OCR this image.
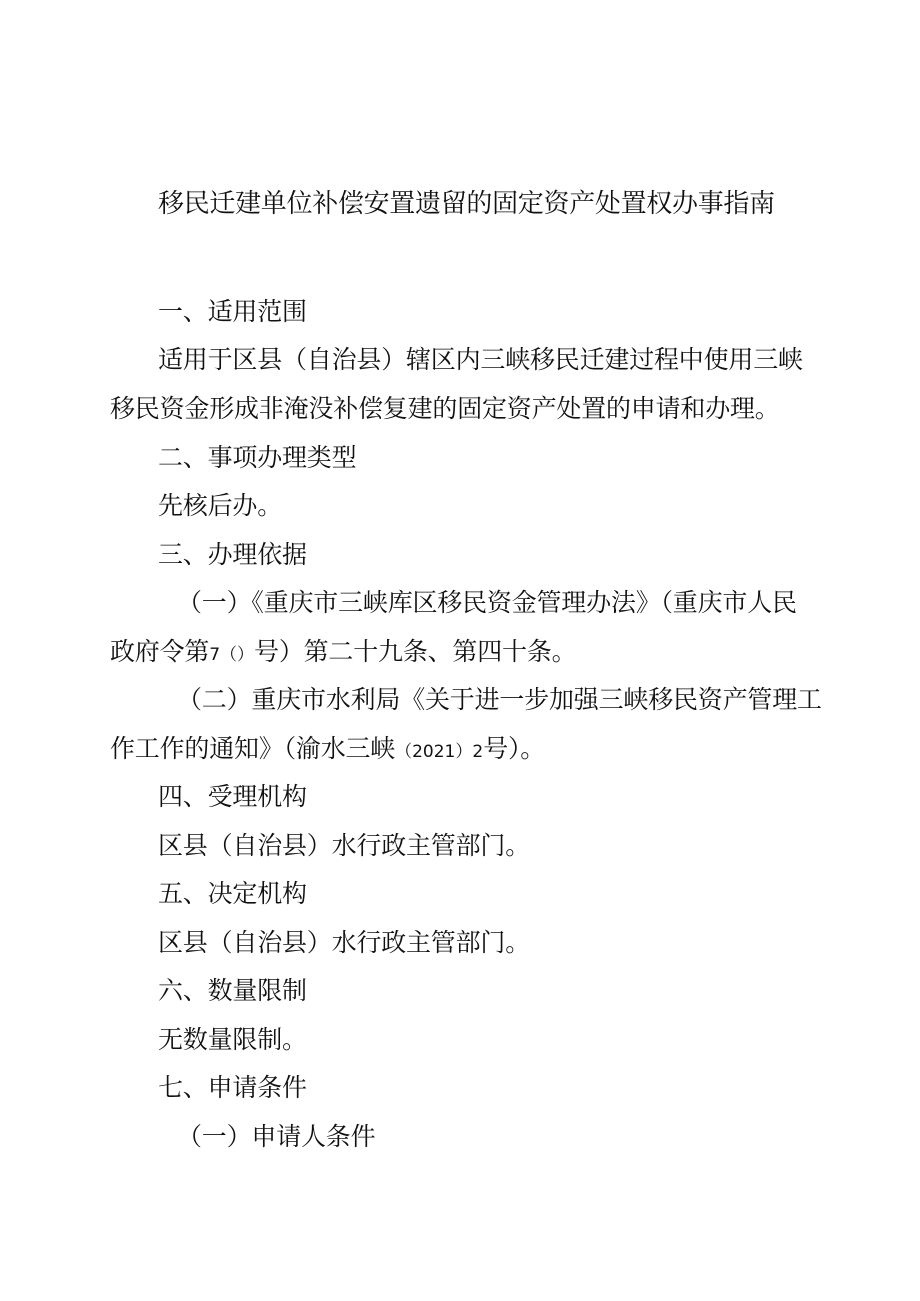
移民迁建单位补偿安置遗留的固定资产处置权办事指南
一、适用范围
适用于区县（自治县）辖区内三峡移民迁建过程中使用三峡
移民资金形成非淹没补偿复建的固定资产处置的申请和办理。
二、事项办理类型
先核后办。
三、办理依据
（一）《重庆市三峡库区移民资金管理办法》（重庆市人民
政府令第7（）号）第二十九条、第四十条。
（二）重庆市水利局《关于进一步加强三峡移民资产管理工
作工作的通知》（渝水三峡（2021）2号）。
四、受理机构
区县（自治县）水行政主管部门。
五、决定机构
区县（自治县）水行政主管部门。
六、数量限制
无数量限制。
七、申请条件
（一）申请人条件
